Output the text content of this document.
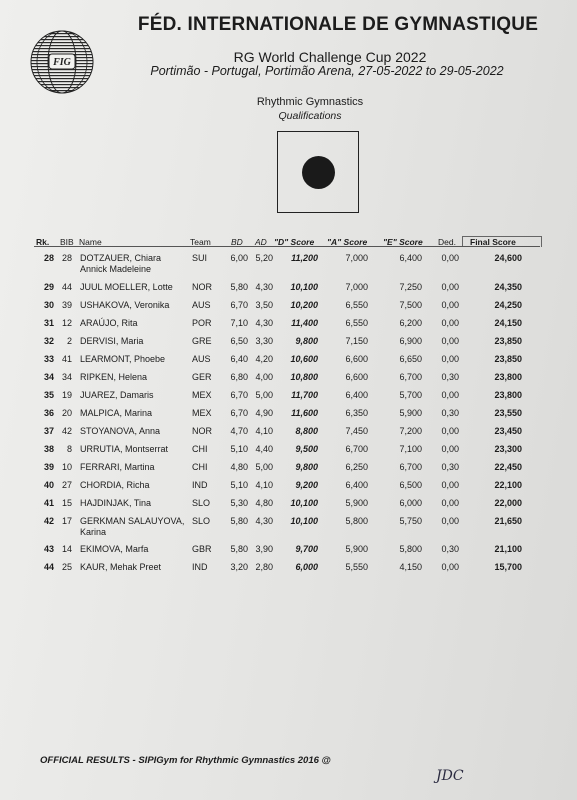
FIG
FÉD. INTERNATIONALE DE GYMNASTIQUE
RG World Challenge Cup 2022
Portimão - Portugal, Portimão Arena, 27-05-2022 to 29-05-2022
Rhythmic Gymnastics
Qualifications
Rk. BIB Name	Team BD AD "D" Score "A" Score "E" Score Ded. Final Score
28 28 DOTZAUER, Chiara
Annick Madeleine
SUI	6,00 5,20	11,200	7,000	6,400	0,00	24,600
29 44 JUUL MOELLER, Lotte NOR	5,80 4,30	10,100	7,000	7,250	0,00	24,350
30 39 USHAKOVA, Veronika	AUS	6,70 3,50	10,200	6,550	7,500	0,00	24,250
31 12 ARAÚJO, Rita	POR	7,10 4,30	11,400	6,550	6,200	0,00	24,150
32	2 DERVISI, Maria	GRE	6,50 3,30	9,800	7,150	6,900	0,00	23,850
33 41 LEARMONT, Phoebe	AUS	6,40 4,20	10,600	6,600	6,650	0,00	23,850
34 34 RIPKEN, Helena	GER	6,80 4,00	10,800	6,600	6,700	0,30	23,800
35 19 JUAREZ, Damaris	MEX	6,70 5,00	11,700	6,400	5,700	0,00	23,800
36 20 MALPICA, Marina	MEX	6,70 4,90	11,600	6,350	5,900	0,30	23,550
37 42 STOYANOVA, Anna	NOR	4,70 4,10	8,800	7,450	7,200	0,00	23,450
38	8 URRUTIA, Montserrat	CHI	5,10 4,40	9,500	6,700	7,100	0,00	23,300
39 10 FERRARI, Martina	CHI	4,80 5,00	9,800	6,250	6,700	0,30	22,450
40 27 CHORDIA, Richa	IND	5,10 4,10	9,200	6,400	6,500	0,00	22,100
41 15 HAJDINJAK, Tina	SLO	5,30 4,80	10,100	5,900	6,000	0,00	22,000
42 17 GERKMAN SALAUYOVA,
Karina
SLO	5,80 4,30	10,100	5,800	5,750	0,00	21,650
43 14 EKIMOVA, Marfa	GBR	5,80 3,90	9,700	5,900	5,800	0,30	21,100
44 25 KAUR, Mehak Preet	IND	3,20 2,80	6,000	5,550	4,150	0,00	15,700
OFFICIAL RESULTS - SIPIGym for Rhythmic Gymnastics 2016 @
JDC
